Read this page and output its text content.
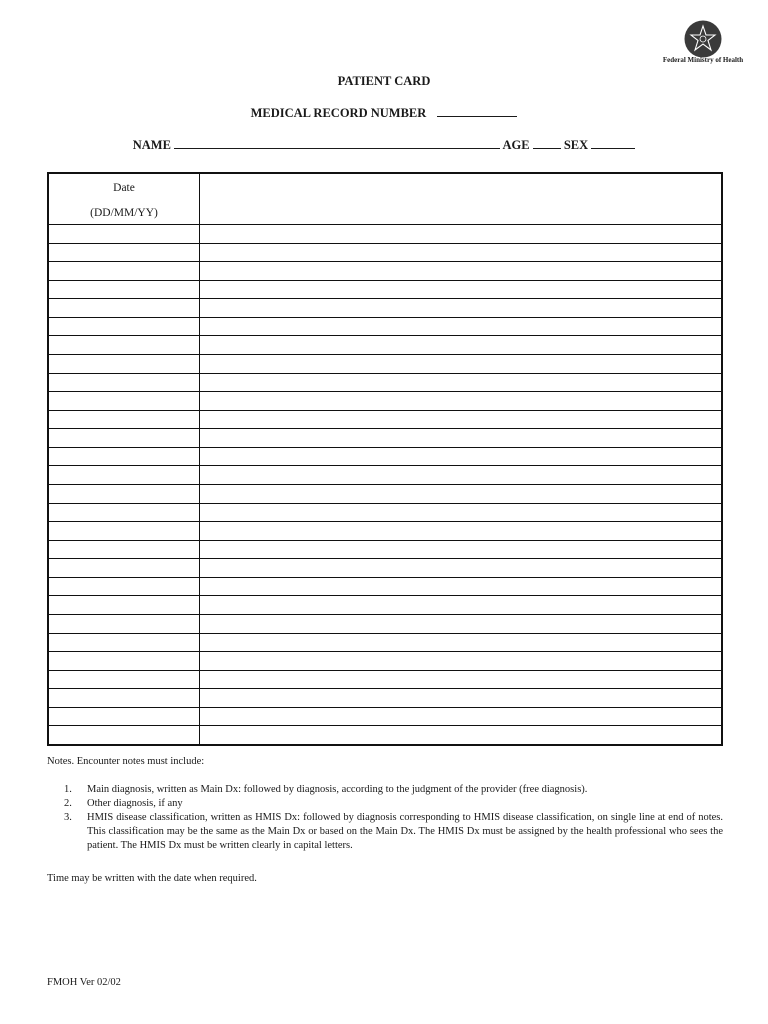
Federal Ministry of Health
PATIENT CARD
MEDICAL RECORD NUMBER
NAME	AGE	SEX
Date
(DD/MM/YY)

Notes. Encounter notes must include:

1. Main diagnosis, written as Main Dx: followed by diagnosis, according to the judgment of the provider (free diagnosis).
2. Other diagnosis, if any
3. HMIS disease classification, written as HMIS Dx: followed by diagnosis corresponding to HMIS disease classification, on single line at end of notes. This classification may be the same as the Main Dx or based on the Main Dx. The HMIS Dx must be assigned by the health professional who sees the patient. The HMIS Dx must be written clearly in capital letters.
Time may be written with the date when required.
FMOH Ver 02/02
